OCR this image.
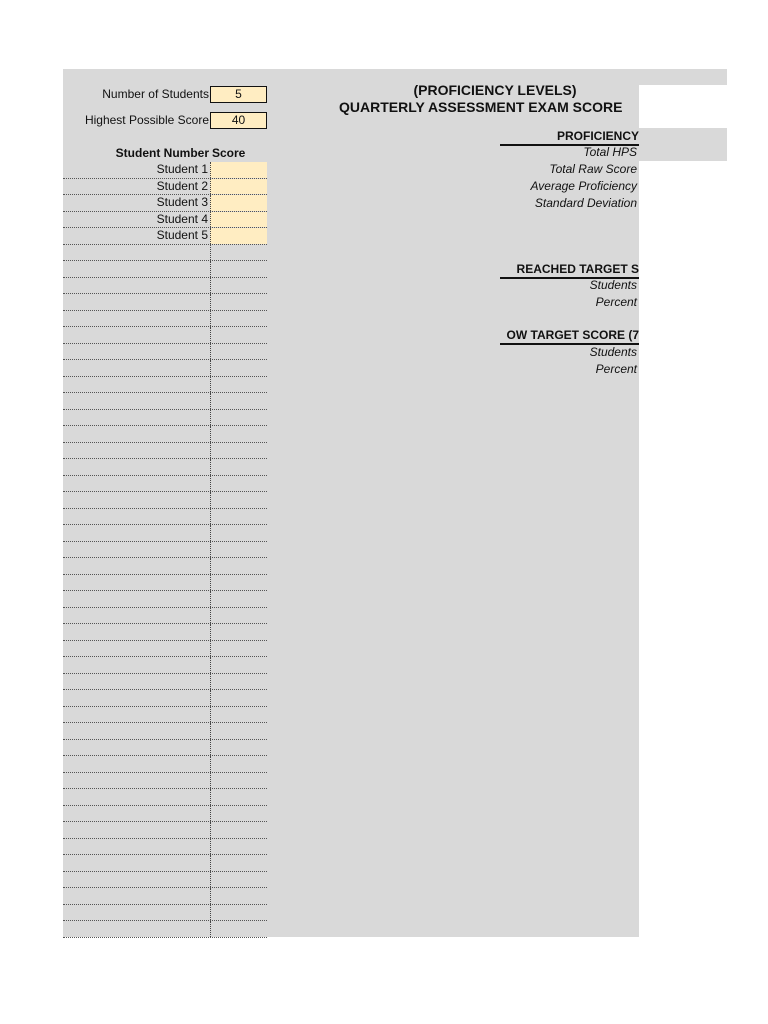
Number of Students	5
Highest Possible Score	40
(PROFICIENCY LEVELS)
QUARTERLY ASSESSMENT EXAM SCORE
Student Number Score
Student 1
Student 2
Student 3
Student 4
Student 5
PROFICIENCY
Total HPS
Total Raw Score
Average Proficiency
Standard Deviation
REACHED TARGET S
Students
Percent
OW TARGET SCORE (7
Students
Percent
